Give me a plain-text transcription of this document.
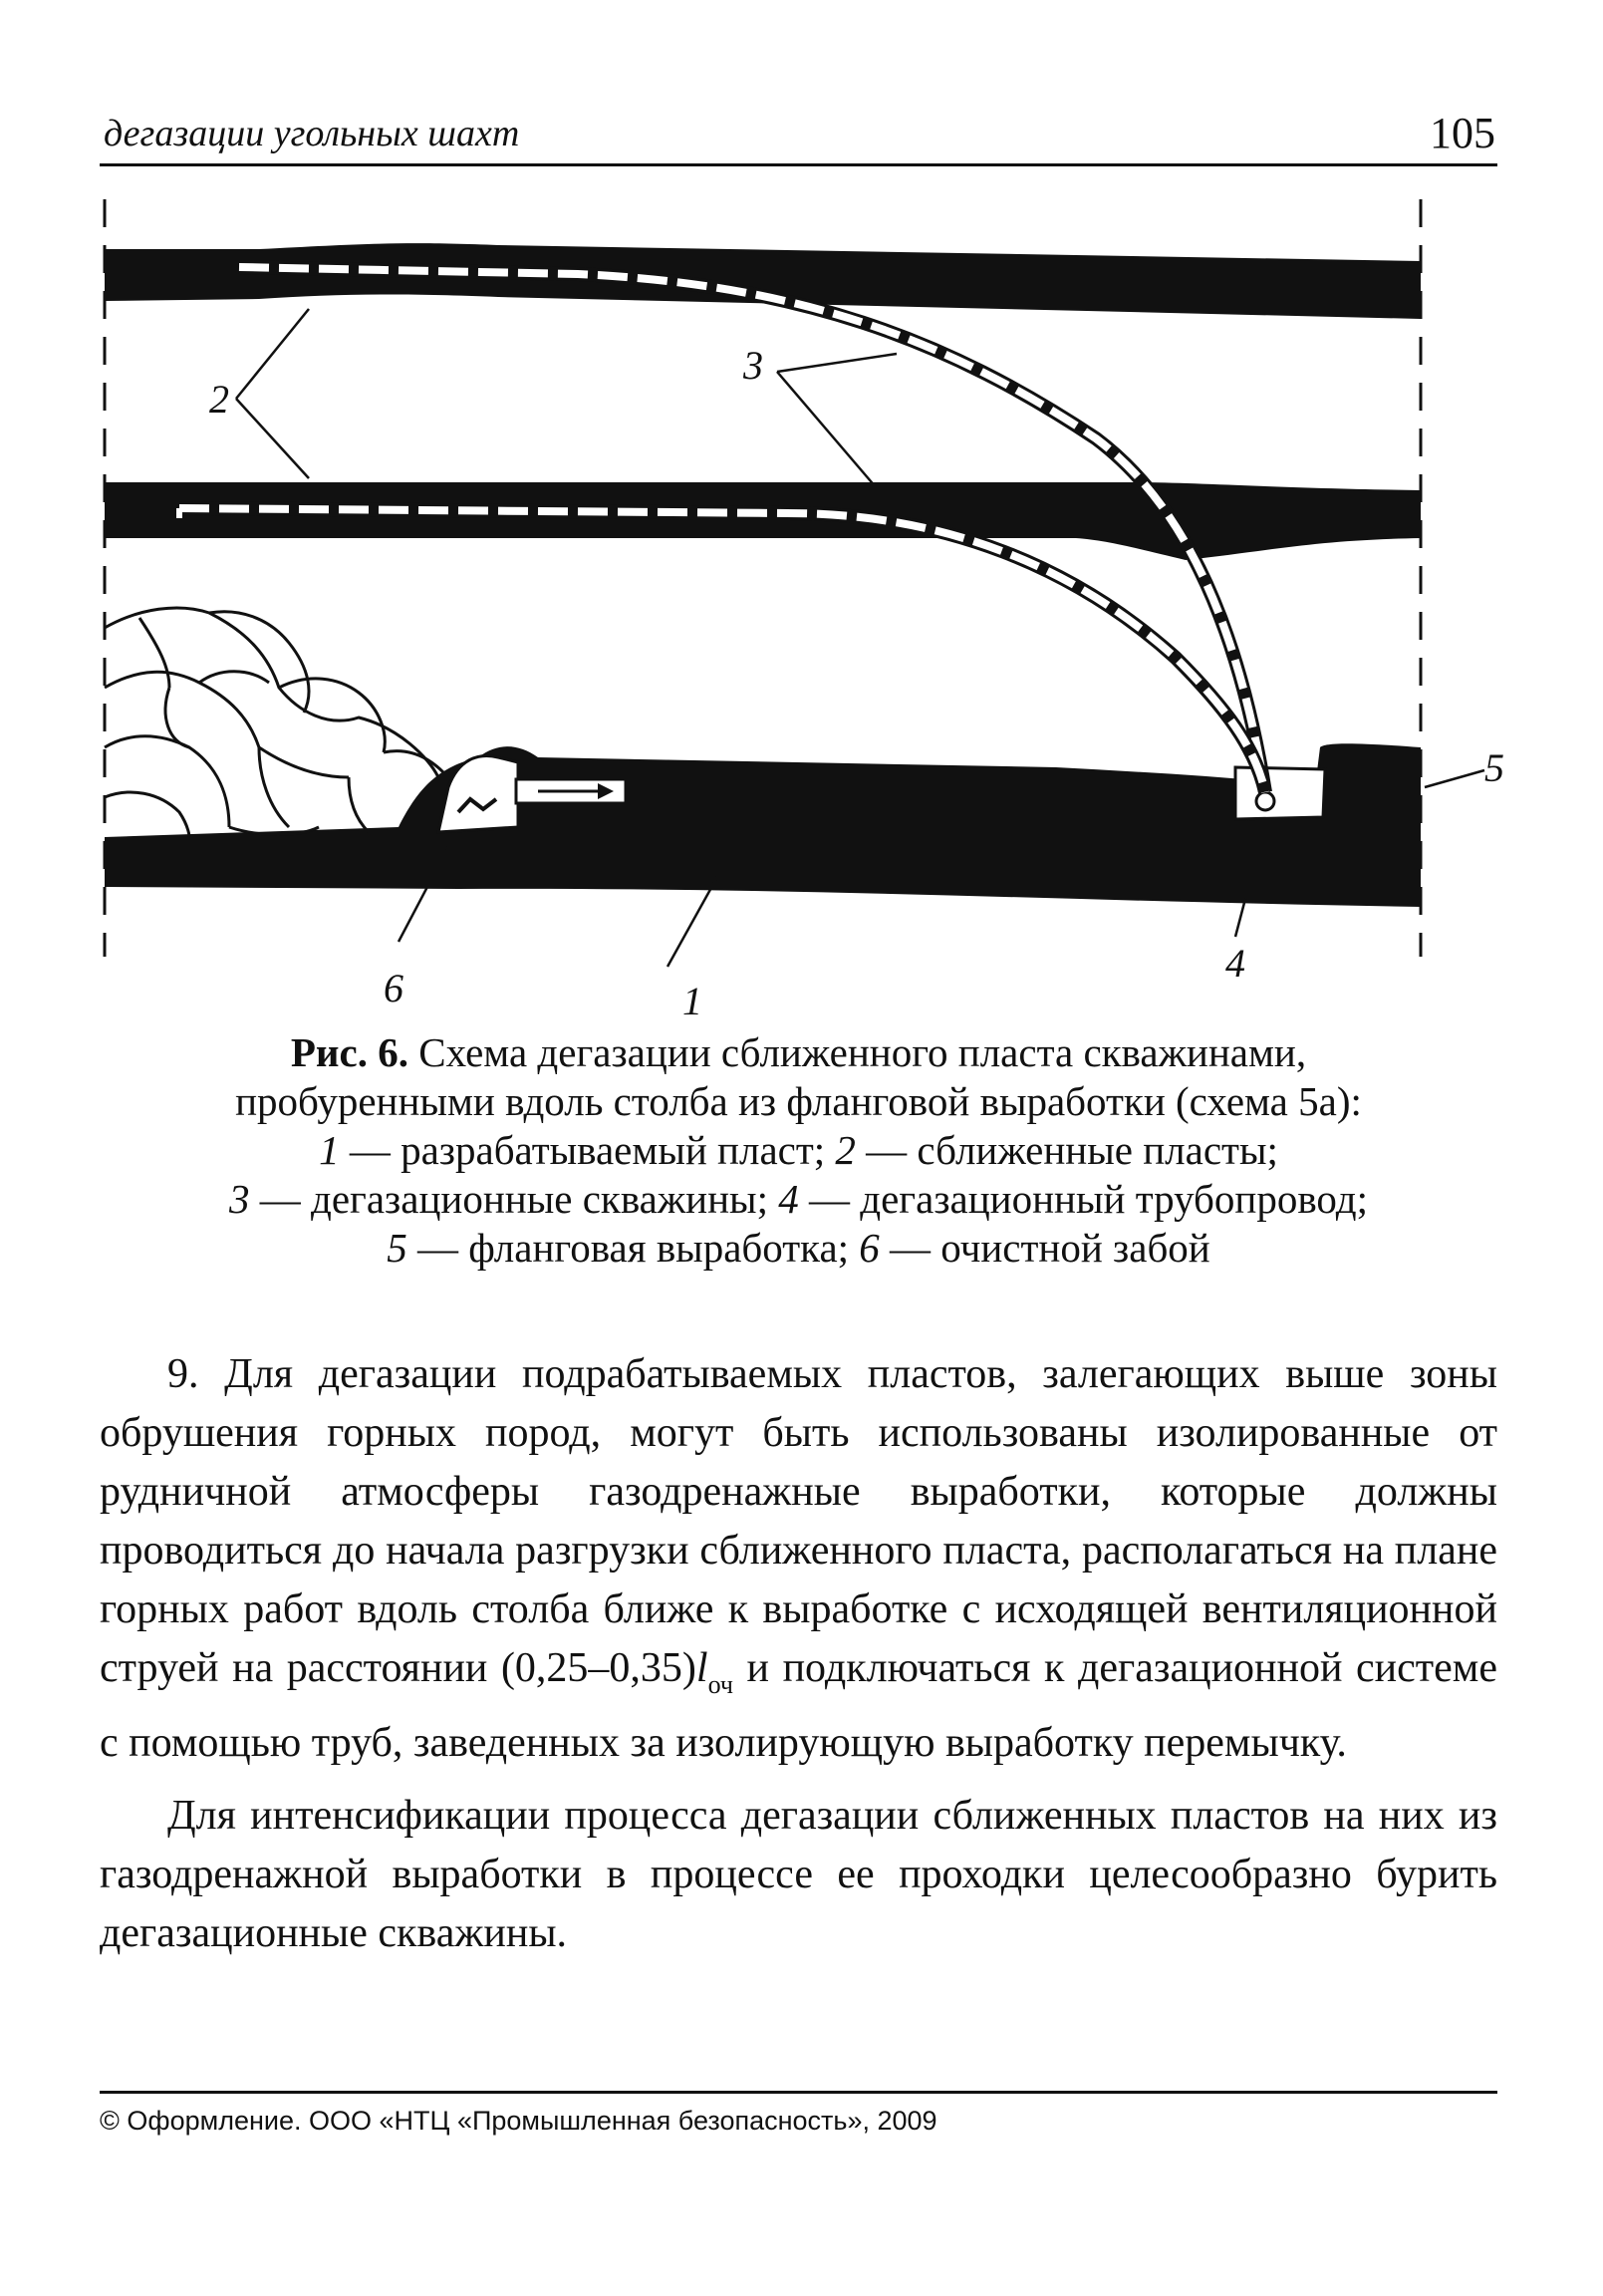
дегазации угольных шахт	105
2
3
5
4
6	1
Рис. 6. Схема дегазации сближенного пласта скважинами,
пробуренными вдоль столба из фланговой выработки (схема 5а):
1 — разрабатываемый пласт; 2 — сближенные пласты;
3 — дегазационные скважины; 4 — дегазационный трубопровод;
5 — фланговая выработка; 6 — очистной забой

9. Для дегазации подрабатываемых пластов, залегающих выше зоны обрушения горных пород, могут быть использованы изолированные от рудничной атмосферы газодренажные выработки, которые должны проводиться до начала разгрузки сближенного пласта, располагаться на плане горных работ вдоль столба ближе к выработке с исходящей вентиляционной струей на расстоянии $(0,25-0,35)l_{оч}$ и подключаться к дегазационной системе с помощью труб, заведенных за изолирующую выработку перемычку.

Для интенсификации процесса дегазации сближенных пластов на них из газодренажной выработки в процессе ее проходки целесообразно бурить дегазационные скважины.

© Оформление. ООО «НТЦ «Промышленная безопасность», 2009
